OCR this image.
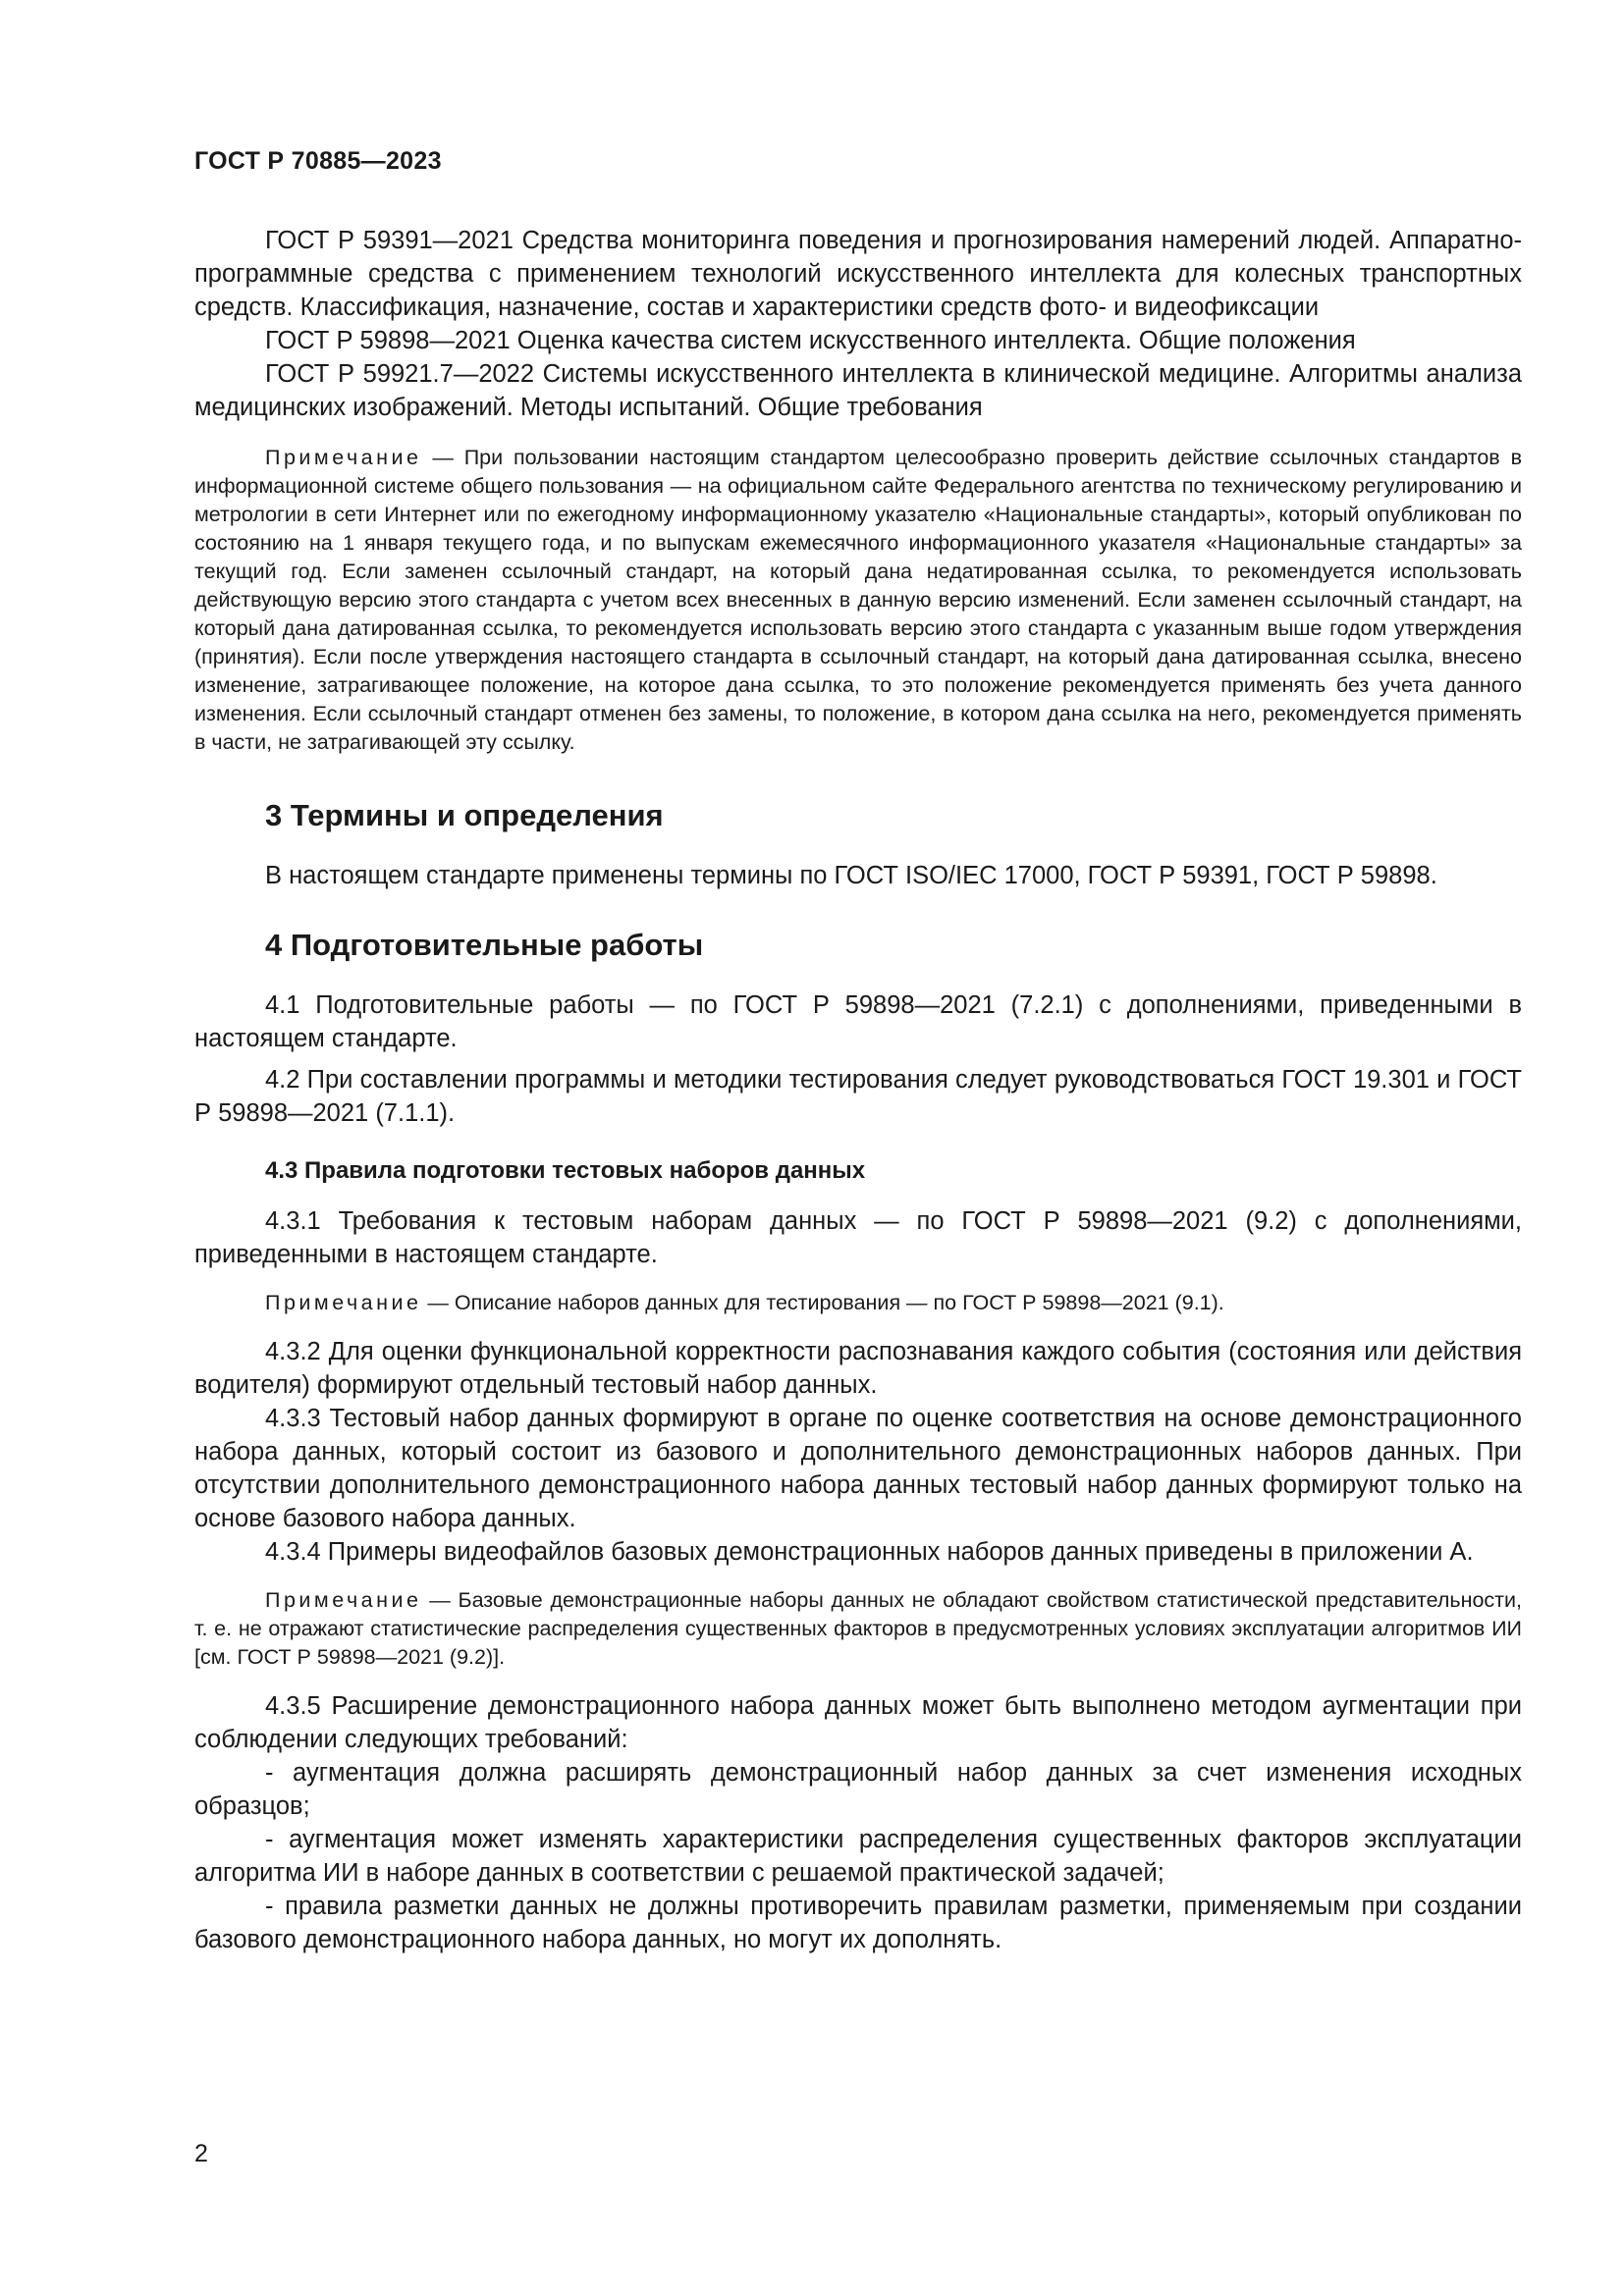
ГОСТ Р 70885—2023

ГОСТ Р 59391—2021 Средства мониторинга поведения и прогнозирования намерений людей. Аппаратно-программные средства с применением технологий искусственного интеллекта для колесных транспортных средств. Классификация, назначение, состав и характеристики средств фото- и видеофиксации

ГОСТ Р 59898—2021 Оценка качества систем искусственного интеллекта. Общие положения

ГОСТ Р 59921.7—2022 Системы искусственного интеллекта в клинической медицине. Алгоритмы анализа медицинских изображений. Методы испытаний. Общие требования

Примечание — При пользовании настоящим стандартом целесообразно проверить действие ссылочных стандартов в информационной системе общего пользования — на официальном сайте Федерального агентства по техническому регулированию и метрологии в сети Интернет или по ежегодному информационному указателю «Национальные стандарты», который опубликован по состоянию на 1 января текущего года, и по выпускам ежемесячного информационного указателя «Национальные стандарты» за текущий год. Если заменен ссылочный стандарт, на который дана недатированная ссылка, то рекомендуется использовать действующую версию этого стандарта с учетом всех внесенных в данную версию изменений. Если заменен ссылочный стандарт, на который дана датированная ссылка, то рекомендуется использовать версию этого стандарта с указанным выше годом утверждения (принятия). Если после утверждения настоящего стандарта в ссылочный стандарт, на который дана датированная ссылка, внесено изменение, затрагивающее положение, на которое дана ссылка, то это положение рекомендуется применять без учета данного изменения. Если ссылочный стандарт отменен без замены, то положение, в котором дана ссылка на него, рекомендуется применять в части, не затрагивающей эту ссылку.

3 Термины и определения

В настоящем стандарте применены термины по ГОСТ ISO/IEC 17000, ГОСТ Р 59391, ГОСТ Р 59898.

4 Подготовительные работы

4.1 Подготовительные работы — по ГОСТ Р 59898—2021 (7.2.1) с дополнениями, приведенными в настоящем стандарте.

4.2 При составлении программы и методики тестирования следует руководствоваться ГОСТ 19.301 и ГОСТ Р 59898—2021 (7.1.1).

4.3 Правила подготовки тестовых наборов данных

4.3.1 Требования к тестовым наборам данных — по ГОСТ Р 59898—2021 (9.2) с дополнениями, приведенными в настоящем стандарте.

Примечание — Описание наборов данных для тестирования — по ГОСТ Р 59898—2021 (9.1).

4.3.2 Для оценки функциональной корректности распознавания каждого события (состояния или действия водителя) формируют отдельный тестовый набор данных.

4.3.3 Тестовый набор данных формируют в органе по оценке соответствия на основе демонстрационного набора данных, который состоит из базового и дополнительного демонстрационных наборов данных. При отсутствии дополнительного демонстрационного набора данных тестовый набор данных формируют только на основе базового набора данных.

4.3.4 Примеры видеофайлов базовых демонстрационных наборов данных приведены в приложении А.

Примечание — Базовые демонстрационные наборы данных не обладают свойством статистической представительности, т. е. не отражают статистические распределения существенных факторов в предусмотренных условиях эксплуатации алгоритмов ИИ [см. ГОСТ Р 59898—2021 (9.2)].

4.3.5 Расширение демонстрационного набора данных может быть выполнено методом аугментации при соблюдении следующих требований:

- аугментация должна расширять демонстрационный набор данных за счет изменения исходных образцов;

- аугментация может изменять характеристики распределения существенных факторов эксплуатации алгоритма ИИ в наборе данных в соответствии с решаемой практической задачей;

- правила разметки данных не должны противоречить правилам разметки, применяемым при создании базового демонстрационного набора данных, но могут их дополнять.

2
